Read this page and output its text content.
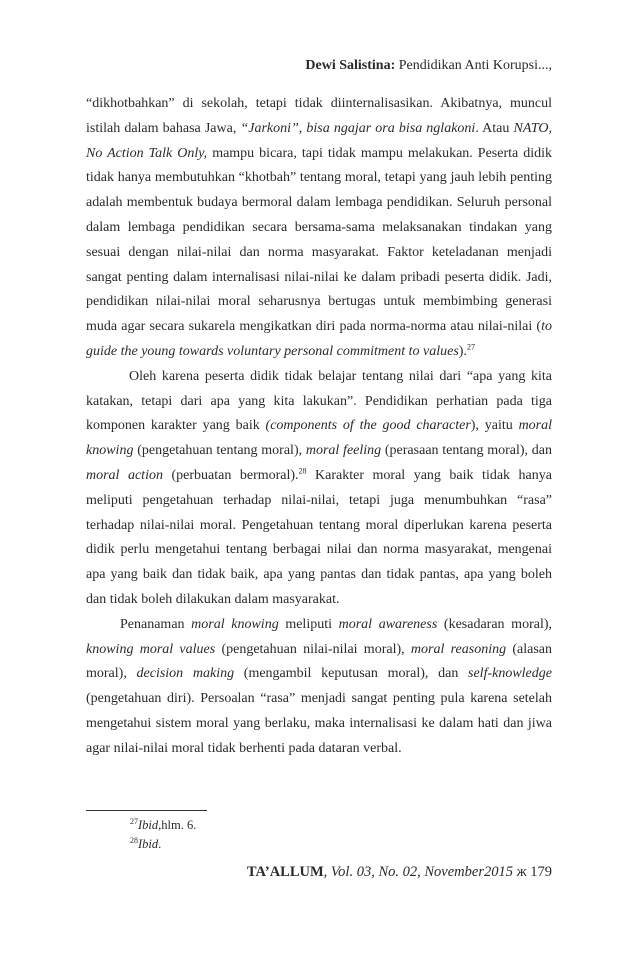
Dewi Salistina: Pendidikan Anti Korupsi...,

“dikhotbahkan” di sekolah, tetapi tidak diinternalisasikan. Akibatnya, muncul istilah dalam bahasa Jawa, “Jarkoni”, bisa ngajar ora bisa nglakoni. Atau NATO, No Action Talk Only, mampu bicara, tapi tidak mampu melakukan. Peserta didik tidak hanya membutuhkan “khotbah” tentang moral, tetapi yang jauh lebih penting adalah membentuk budaya bermoral dalam lembaga pendidikan. Seluruh personal dalam lembaga pendidikan secara bersama-sama melaksanakan tindakan yang sesuai dengan nilai-nilai dan norma masyarakat. Faktor keteladanan menjadi sangat penting dalam internalisasi nilai-nilai ke dalam pribadi peserta didik. Jadi, pendidikan nilai-nilai moral seharusnya bertugas untuk membimbing generasi muda agar secara sukarela mengikatkan diri pada norma-norma atau nilai-nilai (to guide the young towards voluntary personal commitment to values).$^{27}$

Oleh karena peserta didik tidak belajar tentang nilai dari “apa yang kita katakan, tetapi dari apa yang kita lakukan”. Pendidikan perhatian pada tiga komponen karakter yang baik (components of the good character), yaitu moral knowing (pengetahuan tentang moral), moral feeling (perasaan tentang moral), dan moral action (perbuatan bermoral).$^{28}$ Karakter moral yang baik tidak hanya meliputi pengetahuan terhadap nilai-nilai, tetapi juga menumbuhkan “rasa” terhadap nilai-nilai moral. Pengetahuan tentang moral diperlukan karena peserta didik perlu mengetahui tentang berbagai nilai dan norma masyarakat, mengenai apa yang baik dan tidak baik, apa yang pantas dan tidak pantas, apa yang boleh dan tidak boleh dilakukan dalam masyarakat.

Penanaman moral knowing meliputi moral awareness (kesadaran moral), knowing moral values (pengetahuan nilai-nilai moral), moral reasoning (alasan moral), decision making (mengambil keputusan moral), dan self-knowledge (pengetahuan diri). Persoalan “rasa” menjadi sangat penting pula karena setelah mengetahui sistem moral yang berlaku, maka internalisasi ke dalam hati dan jiwa agar nilai-nilai moral tidak berhenti pada dataran verbal.

$^{27}$Ibid,hlm. 6.
$^{28}$Ibid.
TA’ALLUM, Vol. 03, No. 02, November2015 ж 179
